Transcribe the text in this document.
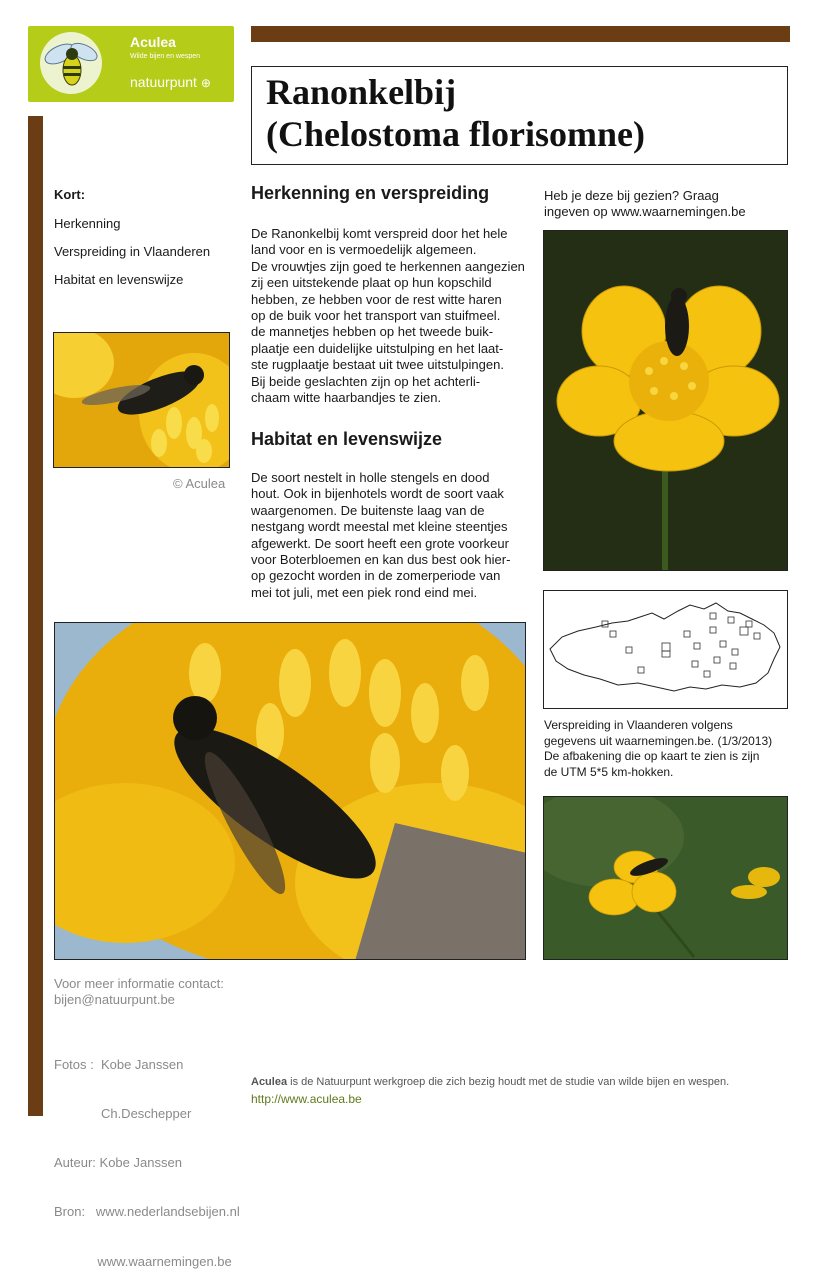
Aculea
Wilde bijen en wespen
natuurpunt ⊕ Ranonkelbij
(Chelostoma florisomne)
Kort:
Herkenning
Verspreiding in Vlaanderen
Habitat en levenswijze
© Aculea
Herkenning en verspreiding
De Ranonkelbij komt verspreid door het hele
land voor en is vermoedelijk algemeen.
De vrouwtjes zijn goed te herkennen aangezien
zij een uitstekende plaat op hun kopschild
hebben, ze hebben voor de rest witte haren
op de buik voor het transport van stuifmeel.
de mannetjes hebben op het tweede buik-
plaatje een duidelijke uitstulping en het laat-
ste rugplaatje bestaat uit twee uitstulpingen.
Bij beide geslachten zijn op het achterli-
chaam witte haarbandjes te zien.
Habitat en levenswijze
De soort nestelt in holle stengels en dood
hout. Ook in bijenhotels wordt de soort vaak
waargenomen. De buitenste laag van de
nestgang wordt meestal met kleine steentjes
afgewerkt. De soort heeft een grote voorkeur
voor Boterbloemen en kan dus best ook hier-
op gezocht worden in de zomerperiode van
mei tot juli, met een piek rond eind mei.
Heb je deze bij gezien? Graag
ingeven op www.waarnemingen.be
Verspreiding in Vlaanderen volgens
gegevens uit waarnemingen.be. (1/3/2013)
De afbakening die op kaart te zien is zijn
de UTM 5*5 km-hokken.
Voor meer informatie contact:
bijen@natuurpunt.be

Fotos :  Kobe Janssen

Ch.Deschepper

Auteur: Kobe Janssen

Bron:   www.nederlandsebijen.nl

www.waarnemingen.be

Aculea is de Natuurpunt werkgroep die zich bezig houdt met de studie van wilde bijen en wespen.
http://www.aculea.be
